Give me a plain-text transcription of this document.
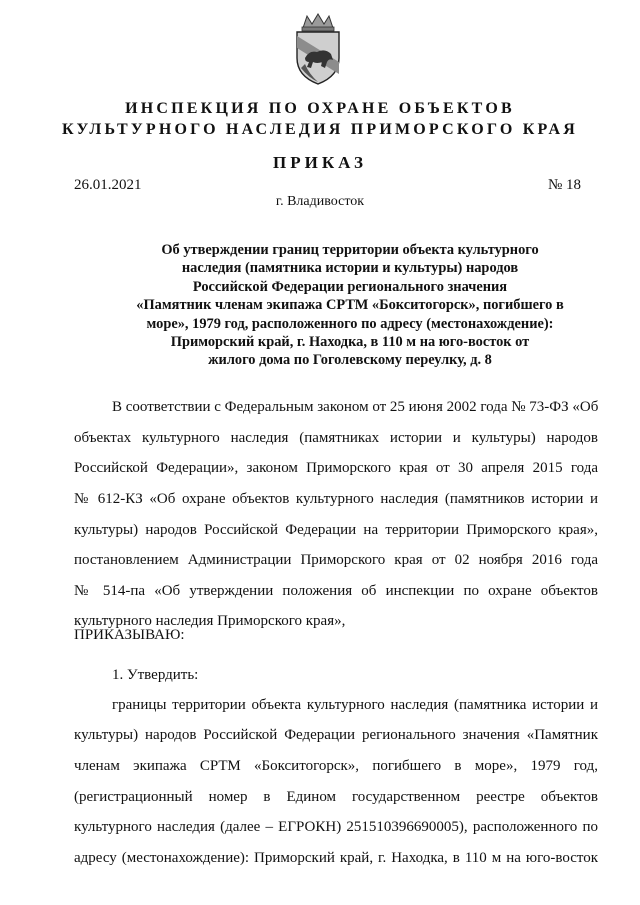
ИНСПЕКЦИЯ ПО ОХРАНЕ ОБЪЕКТОВ
КУЛЬТУРНОГО НАСЛЕДИЯ ПРИМОРСКОГО КРАЯ
ПРИКАЗ
26.01.2021	№ 18
г. Владивосток
Об утверждении границ территории объекта культурного
наследия (памятника истории и культуры) народов
Российской Федерации регионального значения
«Памятник членам экипажа СРТМ «Бокситогорск», погибшего в
море», 1979 год, расположенного по адресу (местонахождение):
Приморский край, г. Находка, в 110 м на юго-восток от
жилого дома по Гоголевскому переулку, д. 8
В соответствии с Федеральным законом от 25 июня 2002 года № 73-ФЗ «Об
объектах культурного наследия (памятниках истории и культуры) народов
Российской Федерации», законом Приморского края от 30 апреля 2015 года
№ 612-КЗ «Об охране объектов культурного наследия (памятников истории и
культуры) народов Российской Федерации на территории Приморского края»,
постановлением Администрации Приморского края от 02 ноября 2016 года
№ 514-па «Об утверждении положения об инспекции по охране объектов
культурного наследия Приморского края»,
ПРИКАЗЫВАЮ:
1. Утвердить:
границы территории объекта культурного наследия (памятника истории и
культуры) народов Российской Федерации регионального значения «Памятник
членам экипажа СРТМ «Бокситогорск», погибшего в море», 1979 год,
(регистрационный номер в Едином государственном реестре объектов
культурного наследия (далее – ЕГРОКН) 251510396690005), расположенного по
адресу (местонахождение): Приморский край, г. Находка, в 110 м на юго-восток
